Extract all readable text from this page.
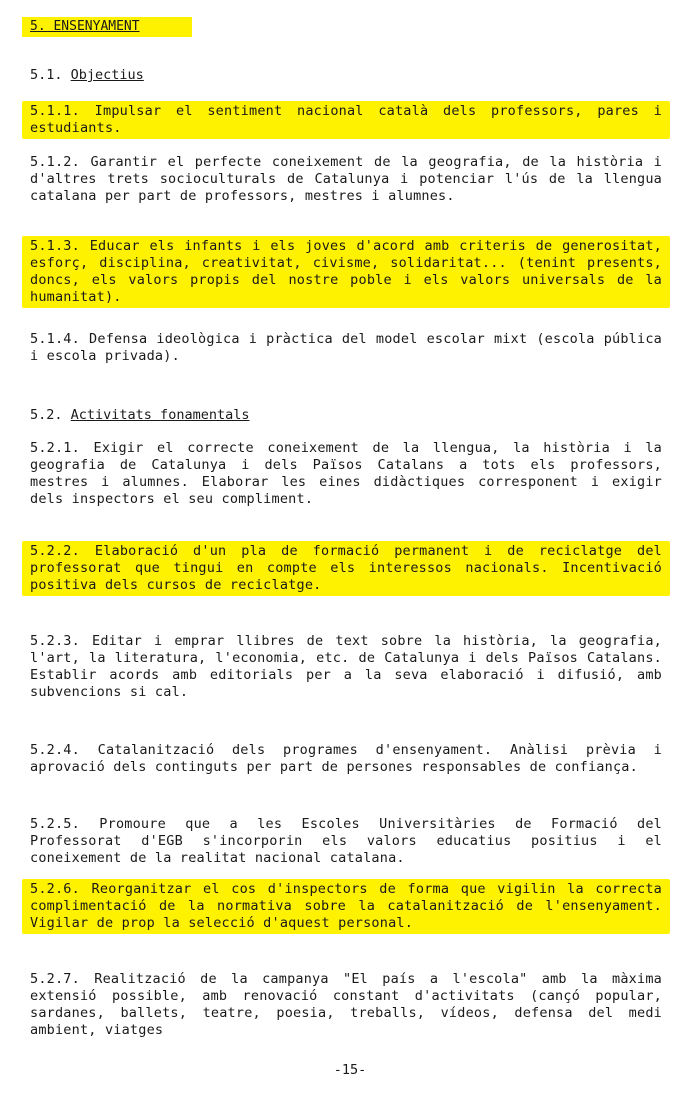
5. ENSENYAMENT
5.1. Objectius
5.1.1. Impulsar el sentiment nacional català dels professors, pares i estudiants.
5.1.2. Garantir el perfecte coneixement de la geografia, de la història i d'altres trets socioculturals de Catalunya i potenciar l'ús de la llengua catalana per part de professors, mestres i alumnes.
5.1.3. Educar els infants i els joves d'acord amb criteris de generositat, esforç, disciplina, creativitat, civisme, solidaritat... (tenint presents, doncs, els valors propis del nostre poble i els valors universals de la humanitat).
5.1.4. Defensa ideològica i pràctica del model escolar mixt (escola pública i escola privada).
5.2. Activitats fonamentals
5.2.1. Exigir el correcte coneixement de la llengua, la història i la geografia de Catalunya i dels Països Catalans a tots els professors, mestres i alumnes. Elaborar les eines didàctiques corresponent i exigir dels inspectors el seu compliment.
5.2.2. Elaboració d'un pla de formació permanent i de reciclatge del professorat que tingui en compte els interessos nacionals. Incentivació positiva dels cursos de reciclatge.
5.2.3. Editar i emprar llibres de text sobre la història, la geografia, l'art, la literatura, l'economia, etc. de Catalunya i dels Països Catalans. Establir acords amb editorials per a la seva elaboració i difusió, amb subvencions si cal.
5.2.4. Catalanització dels programes d'ensenyament. Anàlisi prèvia i aprovació dels continguts per part de persones responsables de confiança.
5.2.5. Promoure que a les Escoles Universitàries de Formació del Professorat d'EGB s'incorporin els valors educatius positius i el coneixement de la realitat nacional catalana.
5.2.6. Reorganitzar el cos d'inspectors de forma que vigilin la correcta complimentació de la normativa sobre la catalanització de l'ensenyament. Vigilar de prop la selecció d'aquest personal.
5.2.7. Realització de la campanya "El país a l'escola" amb la màxima extensió possible, amb renovació constant d'activitats (cançó popular, sardanes, ballets, teatre, poesia, treballs, vídeos, defensa del medi ambient, viatges
-15-
